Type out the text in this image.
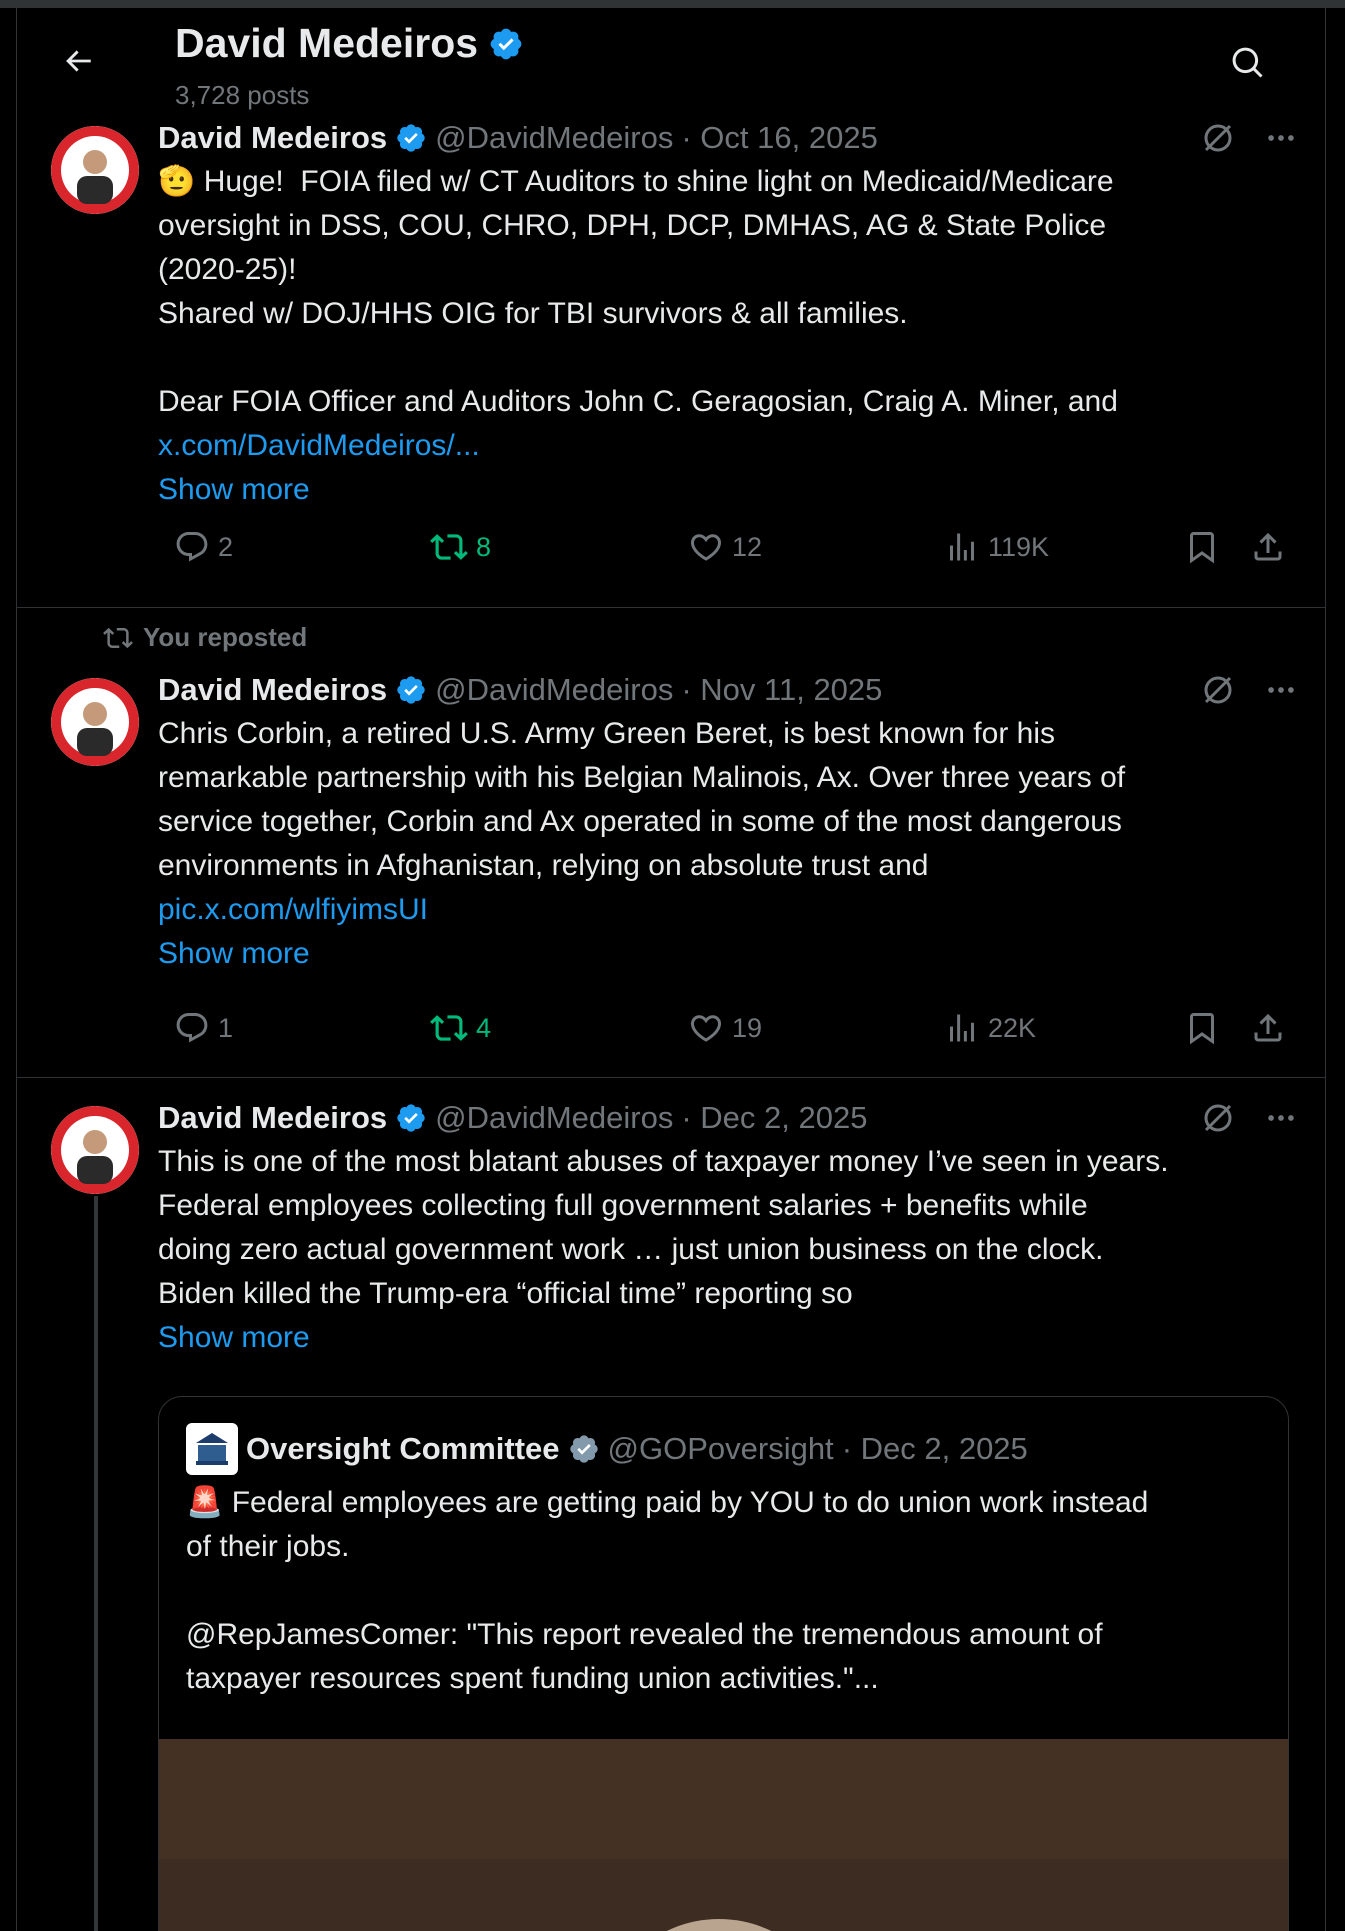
David Medeiros
3,728 posts
David Medeiros @DavidMedeiros · Oct 16, 2025
🫡 Huge!  FOIA filed w/ CT Auditors to shine light on Medicaid/Medicare
oversight in DSS, COU, CHRO, DPH, DCP, DMHAS, AG & State Police
(2020-25)!
Shared w/ DOJ/HHS OIG for TBI survivors & all families.
Dear FOIA Officer and Auditors John C. Geragosian, Craig A. Miner, and
x.com/DavidMedeiros/...
Show more
2	8	12	119K
You reposted
David Medeiros @DavidMedeiros · Nov 11, 2025
Chris Corbin, a retired U.S. Army Green Beret, is best known for his
remarkable partnership with his Belgian Malinois, Ax. Over three years of
service together, Corbin and Ax operated in some of the most dangerous
environments in Afghanistan, relying on absolute trust and
pic.x.com/wlfiyimsUI
Show more
1	4	19	22K
David Medeiros @DavidMedeiros · Dec 2, 2025
This is one of the most blatant abuses of taxpayer money I’ve seen in years.
Federal employees collecting full government salaries + benefits while
doing zero actual government work … just union business on the clock.
Biden killed the Trump-era “official time” reporting so
Show more
Oversight Committee @GOPoversight · Dec 2, 2025
🚨 Federal employees are getting paid by YOU to do union work instead
of their jobs.
@RepJamesComer: "This report revealed the tremendous amount of
taxpayer resources spent funding union activities."...
